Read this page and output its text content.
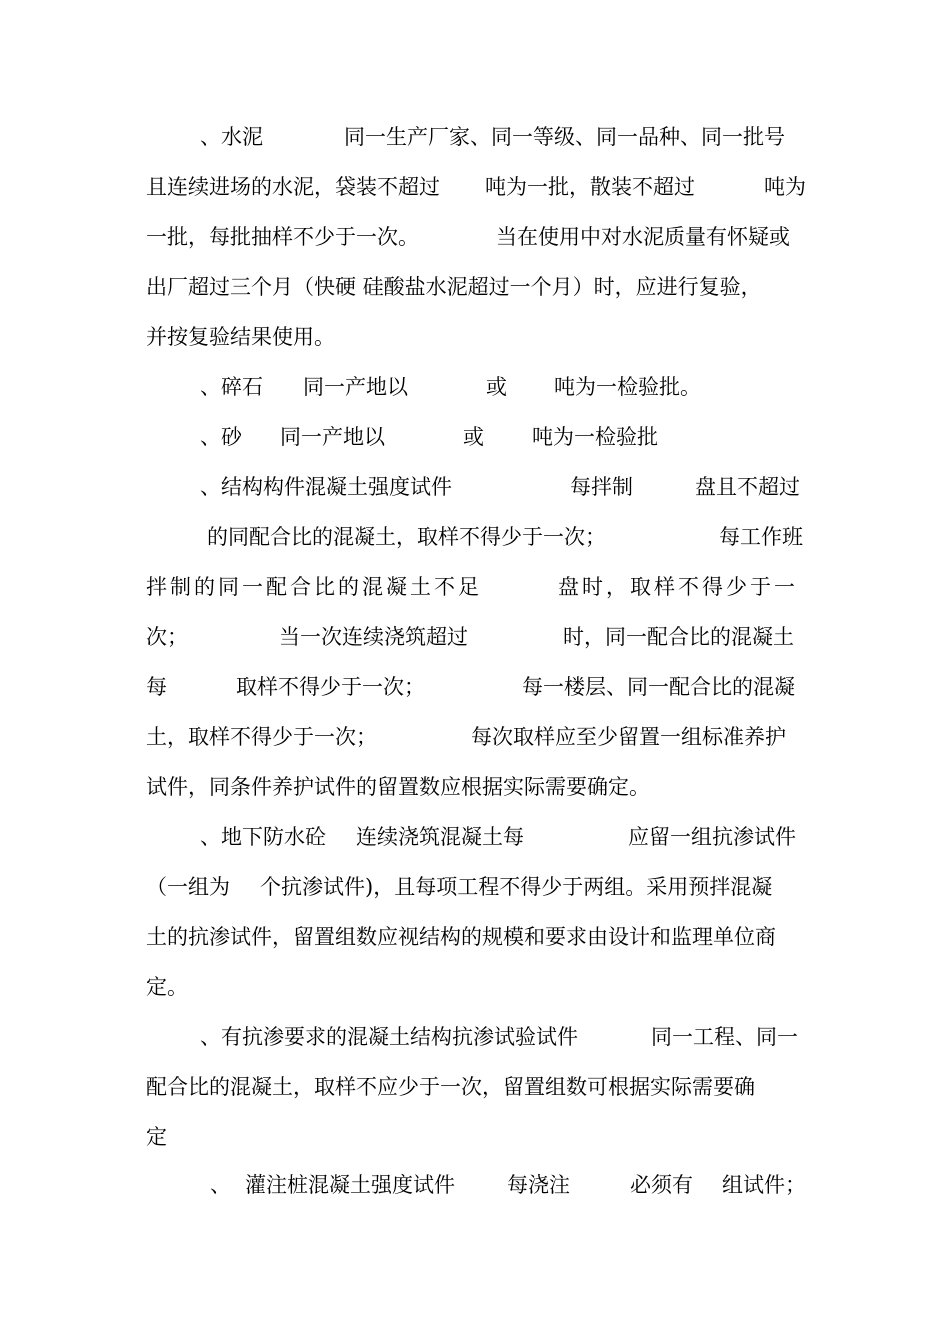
、水泥	同一生产厂家、同一等级、同一品种、同一批号
且连续进场的水泥，袋装不超过 吨为一批，散装不超过	吨为
一批，每批抽样不少于一次。	当在使用中对水泥质量有怀疑或
出厂超过三个月（快硬 硅酸盐水泥超过一个月）时，应进行复验，
并按复验结果使用。
、碎石 同一产地以	或 吨为一检验批。
、砂 同一产地以	或 吨为一检验批
、结构构件混凝土强度试件	每拌制	盘且不超过
的同配合比的混凝土，取样不得少于一次；	每工作班
拌制的同一配合比的混凝土不足	盘时，取样不得少于一
次；	当一次连续浇筑超过	时，同一配合比的混凝土
每	取样不得少于一次；	每一楼层、同一配合比的混凝
土，取样不得少于一次；	每次取样应至少留置一组标准养护
试件，同条件养护试件的留置数应根据实际需要确定。
、地下防水砼 连续浇筑混凝土每	应留一组抗渗试件
（一组为 个抗渗试件)，且每项工程不得少于两组。采用预拌混凝
土的抗渗试件，留置组数应视结构的规模和要求由设计和监理单位商
定。
、有抗渗要求的混凝土结构抗渗试验试件	同一工程、同一
配合比的混凝土，取样不应少于一次，留置组数可根据实际需要确
定
、 灌注桩混凝土强度试件 每浇注	必须有 组试件；
